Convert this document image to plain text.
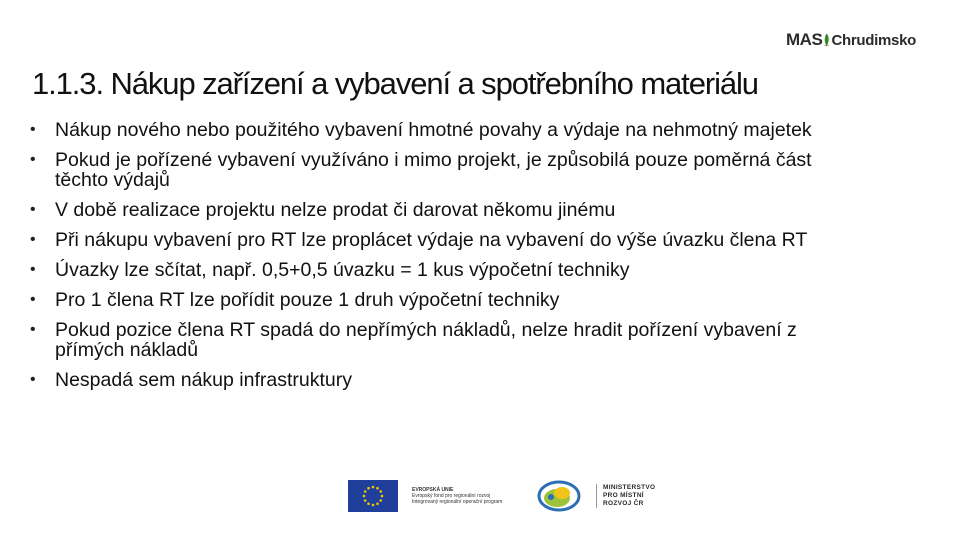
MAS Chrudimsko
1.1.3. Nákup zařízení a vybavení a spotřebního materiálu
• Nákup nového nebo použitého vybavení hmotné povahy a výdaje na nehmotný majetek
• Pokud je pořízené vybavení využíváno i mimo projekt, je způsobilá pouze poměrná část těchto výdajů
• V době realizace projektu nelze prodat či darovat někomu jinému
• Při nákupu vybavení pro RT lze proplácet výdaje na vybavení do výše úvazku člena RT
• Úvazky lze sčítat, např. 0,5+0,5 úvazku = 1 kus výpočetní techniky
• Pro 1 člena RT lze pořídit pouze 1 druh výpočetní techniky
• Pokud pozice člena RT spadá do nepřímých nákladů, nelze hradit pořízení vybavení z přímých nákladů
• Nespadá sem nákup infrastruktury
EVROPSKÁ UNIE
Evropský fond pro regionální rozvoj
Integrovaný regionální operační program
MINISTERSTVO
PRO MÍSTNÍ
ROZVOJ ČR
